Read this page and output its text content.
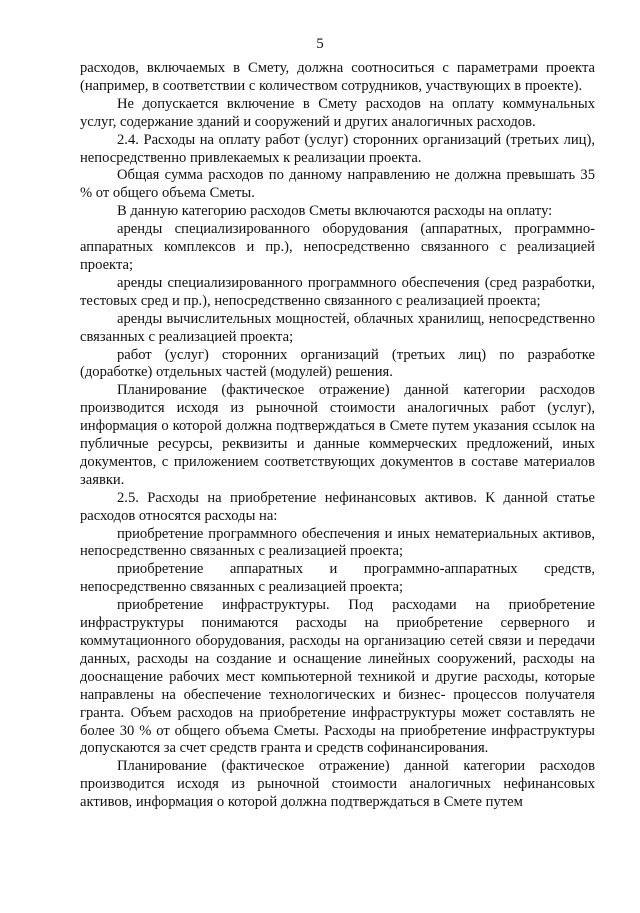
5

расходов, включаемых в Смету, должна соотноситься с параметрами проекта (например, в соответствии с количеством сотрудников, участвующих в проекте).

Не допускается включение в Смету расходов на оплату коммунальных услуг, содержание зданий и сооружений и других аналогичных расходов.

2.4. Расходы на оплату работ (услуг) сторонних организаций (третьих лиц), непосредственно привлекаемых к реализации проекта.

Общая сумма расходов по данному направлению не должна превышать 35 % от общего объема Сметы.

В данную категорию расходов Сметы включаются расходы на оплату:

аренды специализированного оборудования (аппаратных, программно-аппаратных комплексов и пр.), непосредственно связанного с реализацией проекта;

аренды специализированного программного обеспечения (сред разработки, тестовых сред и пр.), непосредственно связанного с реализацией проекта;

аренды вычислительных мощностей, облачных хранилищ, непосредственно связанных с реализацией проекта;

работ (услуг) сторонних организаций (третьих лиц) по разработке (доработке) отдельных частей (модулей) решения.

Планирование (фактическое отражение) данной категории расходов производится исходя из рыночной стоимости аналогичных работ (услуг), информация о которой должна подтверждаться в Смете путем указания ссылок на публичные ресурсы, реквизиты и данные коммерческих предложений, иных документов, с приложением соответствующих документов в составе материалов заявки.

2.5. Расходы на приобретение нефинансовых активов. К данной статье расходов относятся расходы на:

приобретение программного обеспечения и иных нематериальных активов, непосредственно связанных с реализацией проекта;

приобретение аппаратных и программно-аппаратных средств, непосредственно связанных с реализацией проекта;

приобретение инфраструктуры. Под расходами на приобретение инфраструктуры понимаются расходы на приобретение серверного и коммутационного оборудования, расходы на организацию сетей связи и передачи данных, расходы на создание и оснащение линейных сооружений, расходы на дооснащение рабочих мест компьютерной техникой и другие расходы, которые направлены на обеспечение технологических и бизнес- процессов получателя гранта. Объем расходов на приобретение инфраструктуры может составлять не более 30 % от общего объема Сметы. Расходы на приобретение инфраструктуры допускаются за счет средств гранта и средств софинансирования.

Планирование (фактическое отражение) данной категории расходов производится исходя из рыночной стоимости аналогичных нефинансовых активов, информация о которой должна подтверждаться в Смете путем
